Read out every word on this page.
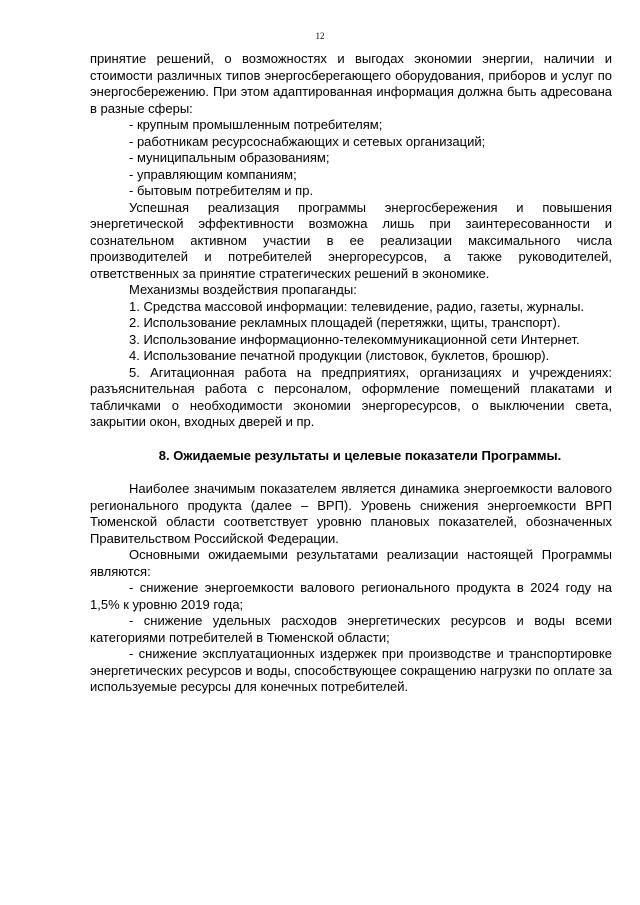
12

принятие решений, о возможностях и выгодах экономии энергии, наличии и стоимости различных типов энергосберегающего оборудования, приборов и услуг по энергосбережению. При этом адаптированная информация должна быть адресована в разные сферы:

- крупным промышленным потребителям;

- работникам ресурсоснабжающих и сетевых организаций;

- муниципальным образованиям;

- управляющим компаниям;

- бытовым потребителям и пр.

Успешная реализация программы энергосбережения и повышения энергетической эффективности возможна лишь при заинтересованности и сознательном активном участии в ее реализации максимального числа производителей и потребителей энергоресурсов, а также руководителей, ответственных за принятие стратегических решений в экономике.

Механизмы воздействия пропаганды:

1. Средства массовой информации: телевидение, радио, газеты, журналы.

2. Использование рекламных площадей (перетяжки, щиты, транспорт).

3. Использование информационно-телекоммуникационной сети Интернет.

4. Использование печатной продукции (листовок, буклетов, брошюр).

5. Агитационная работа на предприятиях, организациях и учреждениях: разъяснительная работа с персоналом, оформление помещений плакатами и табличками о необходимости экономии энергоресурсов, о выключении света, закрытии окон, входных дверей и пр.

8. Ожидаемые результаты и целевые показатели Программы.

Наиболее значимым показателем является динамика энергоемкости валового регионального продукта (далее – ВРП). Уровень снижения энергоемкости ВРП Тюменской области соответствует уровню плановых показателей, обозначенных Правительством Российской Федерации.

Основными ожидаемыми результатами реализации настоящей Программы являются:

- снижение энергоемкости валового регионального продукта в 2024 году на 1,5% к уровню 2019 года;

- снижение удельных расходов энергетических ресурсов и воды всеми категориями потребителей в Тюменской области;

- снижение эксплуатационных издержек при производстве и транспортировке энергетических ресурсов и воды, способствующее сокращению нагрузки по оплате за используемые ресурсы для конечных потребителей.
